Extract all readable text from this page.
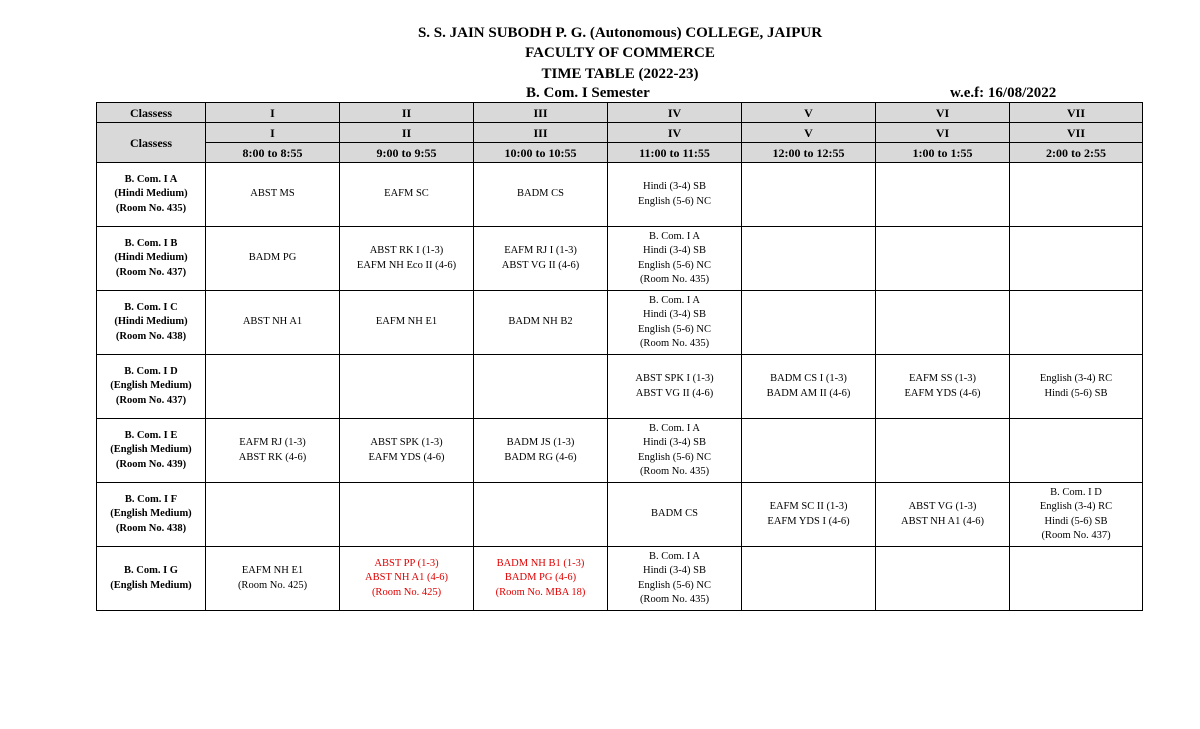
S. S. JAIN SUBODH P. G. (Autonomous) COLLEGE, JAIPUR
FACULTY OF COMMERCE
TIME TABLE (2022-23)
B. Com. I Semester	w.e.f: 16/08/2022
Classess	I	II	III	IV	V	VI	VII
Classess	I	II	III	IV	V	VI	VII
	8:00 to 8:55	9:00 to 9:55	10:00 to 10:55	11:00 to 11:55	12:00 to 12:55	1:00 to 1:55	2:00 to 2:55

B. Com. I A
(Hindi Medium)
(Room No. 435)	ABST MS	EAFM SC	BADM CS	Hindi (3-4) SB
English (5-6) NC			

B. Com. I B
(Hindi Medium)
(Room No. 437)	BADM PG	ABST RK I (1-3)
EAFM NH Eco II (4-6)	EAFM RJ I (1-3)
ABST VG II (4-6)	B. Com. I A
Hindi (3-4) SB
English (5-6) NC
(Room No. 435)			

B. Com. I C
(Hindi Medium)
(Room No. 438)	ABST NH A1	EAFM NH E1	BADM NH B2	B. Com. I A
Hindi (3-4) SB
English (5-6) NC
(Room No. 435)			

B. Com. I D
(English Medium)
(Room No. 437)				ABST SPK I (1-3)
ABST VG II (4-6)	BADM CS I (1-3)
BADM AM II (4-6)	EAFM SS (1-3)
EAFM YDS (4-6)	English (3-4) RC
Hindi (5-6) SB

B. Com. I E
(English Medium)
(Room No. 439)	EAFM RJ (1-3)
ABST RK (4-6)	ABST SPK (1-3)
EAFM YDS (4-6)	BADM JS (1-3)
BADM RG (4-6)	B. Com. I A
Hindi (3-4) SB
English (5-6) NC
(Room No. 435)			

B. Com. I F
(English Medium)
(Room No. 438)				BADM CS	EAFM SC II (1-3)
EAFM YDS I (4-6)	ABST VG (1-3)
ABST NH A1 (4-6)	B. Com. I D
English (3-4) RC
Hindi (5-6) SB
(Room No. 437)

B. Com. I G
(English Medium)	EAFM NH E1
(Room No. 425)	ABST PP (1-3)
ABST NH A1 (4-6)
(Room No. 425)	BADM NH B1 (1-3)
BADM PG (4-6)
(Room No. MBA 18)	B. Com. I A
Hindi (3-4) SB
English (5-6) NC
(Room No. 435)			
